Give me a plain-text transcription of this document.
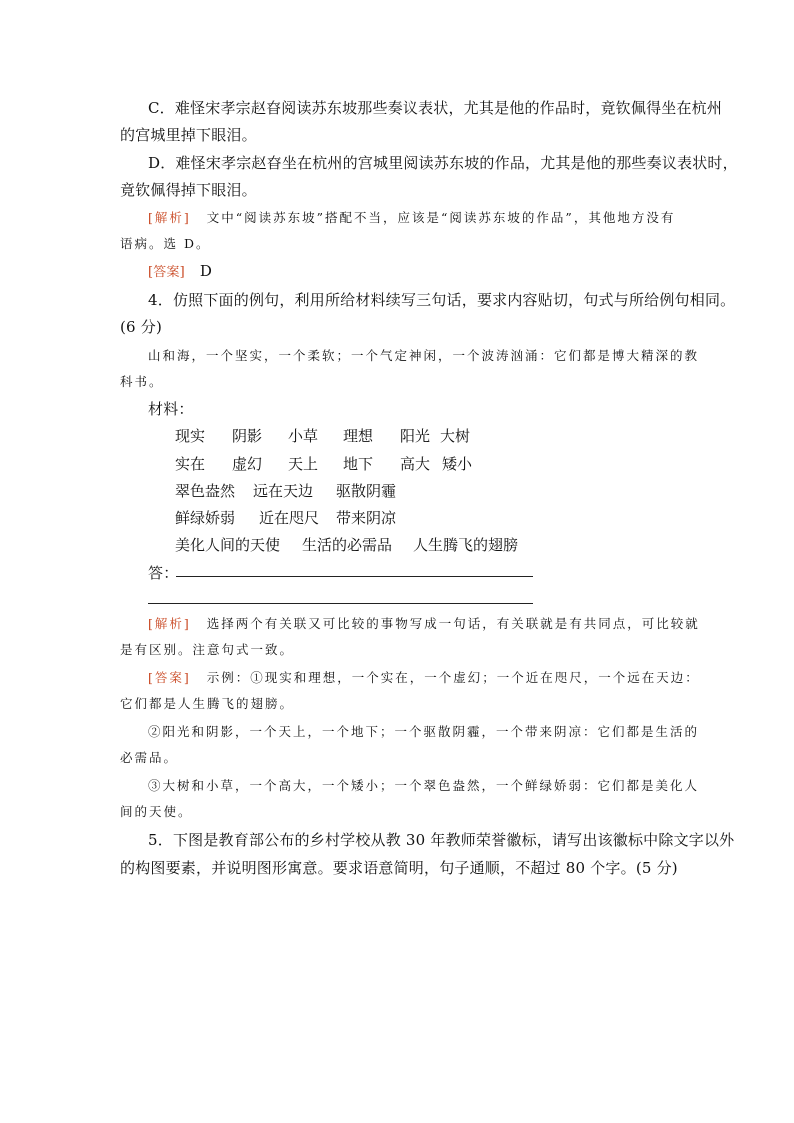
C．难怪宋孝宗赵昚阅读苏东坡那些奏议表状，尤其是他的作品时，竟钦佩得坐在杭州
的宫城里掉下眼泪。
D．难怪宋孝宗赵昚坐在杭州的宫城里阅读苏东坡的作品，尤其是他的那些奏议表状时，
竟钦佩得掉下眼泪。
[解析] 文中“阅读苏东坡”搭配不当，应该是“阅读苏东坡的作品”，其他地方没有
语病。选 D。
[答案] D
4．仿照下面的例句，利用所给材料续写三句话，要求内容贴切，句式与所给例句相同。
(6 分)
山和海，一个坚实，一个柔软；一个气定神闲，一个波涛汹涌：它们都是博大精深的教
科书。
材料：
现实 阴影 小草 理想 阳光 大树
实在 虚幻 天上 地下 高大 矮小
翠色盎然 远在天边 驱散阴霾
鲜绿娇弱 近在咫尺 带来阴凉
美化人间的天使 生活的必需品 人生腾飞的翅膀
答：
[解析] 选择两个有关联又可比较的事物写成一句话，有关联就是有共同点，可比较就
是有区别。注意句式一致。
[答案] 示例：①现实和理想，一个实在，一个虚幻；一个近在咫尺，一个远在天边：
它们都是人生腾飞的翅膀。
②阳光和阴影，一个天上，一个地下；一个驱散阴霾，一个带来阴凉：它们都是生活的
必需品。
③大树和小草，一个高大，一个矮小；一个翠色盎然，一个鲜绿娇弱：它们都是美化人
间的天使。
5．下图是教育部公布的乡村学校从教 30 年教师荣誉徽标，请写出该徽标中除文字以外
的构图要素，并说明图形寓意。要求语意简明，句子通顺，不超过 80 个字。(5 分)
